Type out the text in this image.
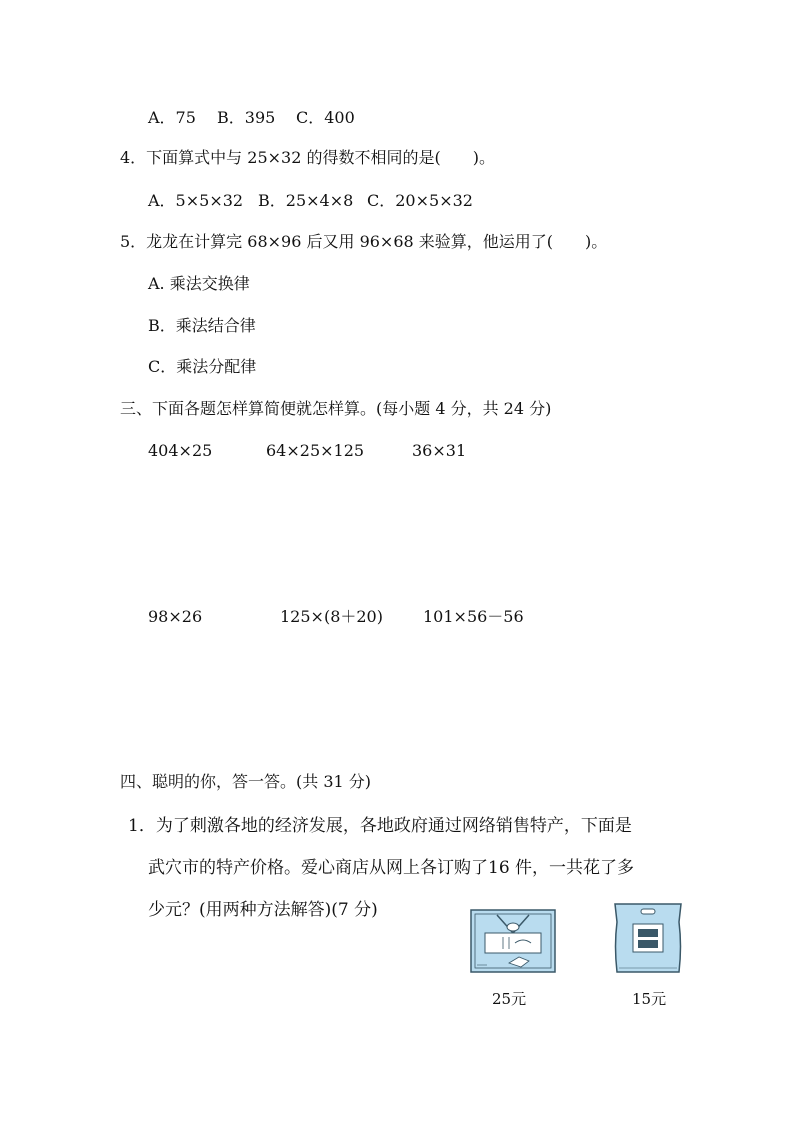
A．75 B．395 C．400
4．下面算式中与 25×32 的得数不相同的是(　　)。
A．5×5×32 B．25×4×8 C．20×5×32
5．龙龙在计算完 68×96 后又用 96×68 来验算，他运用了(　　)。
A. 乘法交换律
B．乘法结合律
C．乘法分配律
三、下面各题怎样算简便就怎样算。(每小题 4 分，共 24 分)
404×25	64×25×125	36×31
98×26	125×(8＋20)	101×56－56
四、聪明的你，答一答。(共 31 分)
1．为了刺激各地的经济发展，各地政府通过网络销售特产，下面是
武穴市的特产价格。爱心商店从网上各订购了16 件，一共花了多
少元？(用两种方法解答)(7 分)
25元	15元
